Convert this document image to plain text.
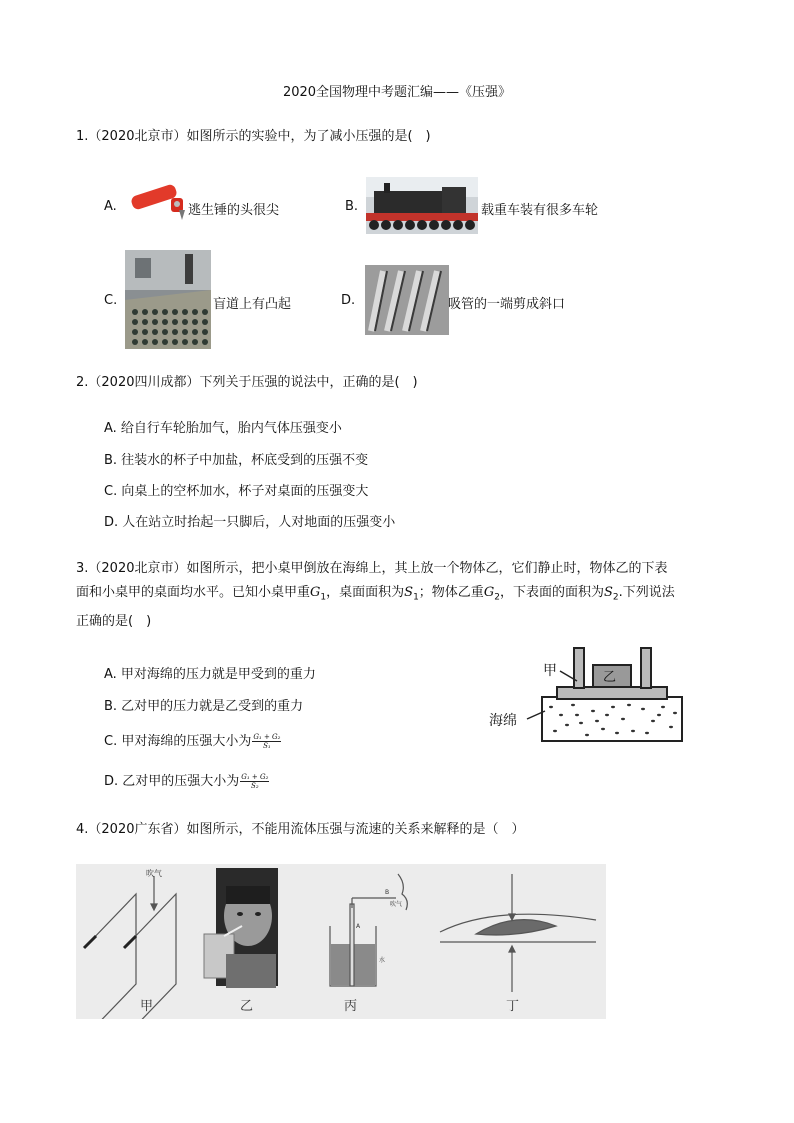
2020全国物理中考题汇编——《压强》
1.（2020北京市）如图所示的实验中，为了减小压强的是(　)
A.	逃生锤的头很尖	B.	载重车装有很多车轮
C.	盲道上有凸起	D.	吸管的一端剪成斜口
2.（2020四川成都）下列关于压强的说法中，正确的是(　)
A. 给自行车轮胎加气，胎内气体压强变小
B. 往装水的杯子中加盐，杯底受到的压强不变
C. 向桌上的空杯加水，杯子对桌面的压强变大
D. 人在站立时抬起一只脚后，人对地面的压强变小
3.（2020北京市）如图所示，把小桌甲倒放在海绵上，其上放一个物体乙，它们静止时，物体乙的下表
面和小桌甲的桌面均水平。已知小桌甲重$G_1$，桌面面积为$S_1$；物体乙重$G_2$，下表面的面积为$S_2$.下列说法
正确的是(　)
A. 甲对海绵的压力就是甲受到的重力
B. 乙对甲的压力就是乙受到的重力
C. 甲对海绵的压强大小为 $\frac{\text{G₁ + G₂}}{\text{S₁}}$
D. 乙对甲的压强大小为 $\frac{\text{G₁ + G₂}}{\text{S₂}}$
乙
甲
海绵
4.（2020广东省）如图所示，不能用流体压强与流速的关系来解释的是（　）
吹气
甲	乙
B
A
吹气
水
丙	丁
